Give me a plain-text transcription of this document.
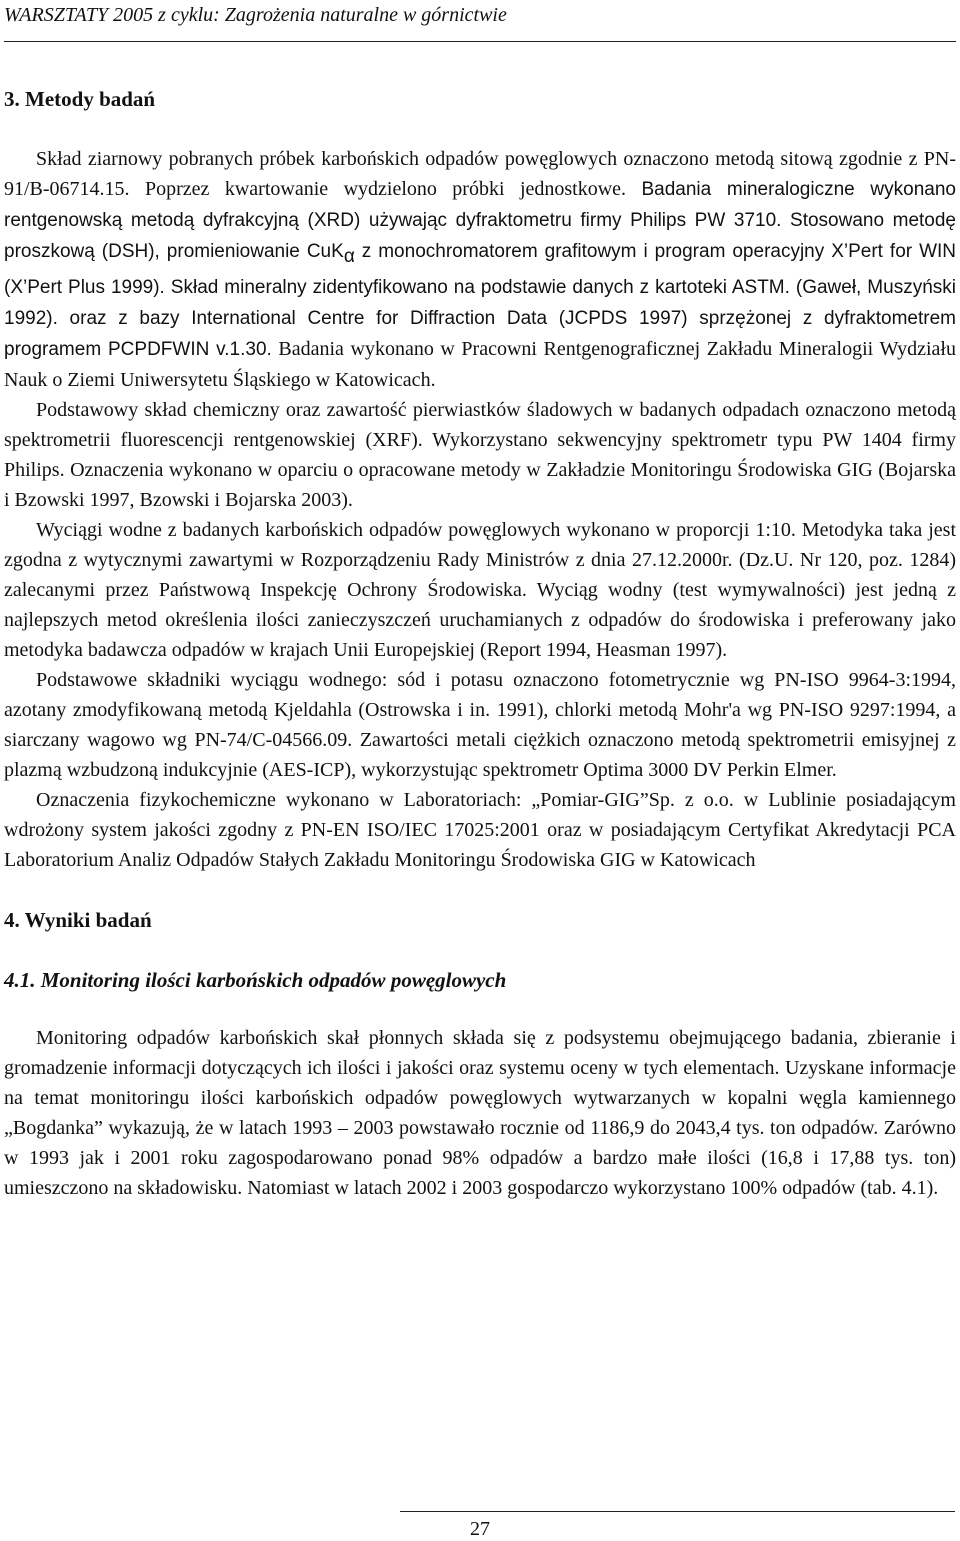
WARSZTATY 2005 z cyklu: Zagrożenia naturalne w górnictwie
3. Metody badań

Skład ziarnowy pobranych próbek karbońskich odpadów powęglowych oznaczono metodą sitową zgodnie z PN-91/B-06714.15. Poprzez kwartowanie wydzielono próbki jednostkowe. Badania mineralogiczne wykonano rentgenowską metodą dyfrakcyjną (XRD) używając dyfraktometru firmy Philips PW 3710. Stosowano metodę proszkową (DSH), promieniowanie CuK$_\alpha$ z monochromatorem grafitowym i program operacyjny X’Pert for WIN (X’Pert Plus 1999). Skład mineralny zidentyfikowano na podstawie danych z kartoteki ASTM. (Gaweł, Muszyński 1992). oraz z bazy International Centre for Diffraction Data (JCPDS 1997) sprzężonej z dyfraktometrem programem PCPDFWIN v.1.30. Badania wykonano w Pracowni Rentgenograficznej Zakładu Mineralogii Wydziału Nauk o Ziemi Uniwersytetu Śląskiego w Katowicach.

Podstawowy skład chemiczny oraz zawartość pierwiastków śladowych w badanych odpadach oznaczono metodą spektrometrii fluorescencji rentgenowskiej (XRF). Wykorzystano sekwencyjny spektrometr typu PW 1404 firmy Philips. Oznaczenia wykonano w oparciu o opracowane metody w Zakładzie Monitoringu Środowiska GIG (Bojarska i Bzowski 1997, Bzowski i Bojarska 2003).

Wyciągi wodne z badanych karbońskich odpadów powęglowych wykonano w proporcji 1:10. Metodyka taka jest zgodna z wytycznymi zawartymi w Rozporządzeniu Rady Ministrów z dnia 27.12.2000r. (Dz.U. Nr 120, poz. 1284) zalecanymi przez Państwową Inspekcję Ochrony Środowiska. Wyciąg wodny (test wymywalności) jest jedną z najlepszych metod określenia ilości zanieczyszczeń uruchamianych z odpadów do środowiska i preferowany jako metodyka badawcza odpadów w krajach Unii Europejskiej (Report 1994, Heasman 1997).

Podstawowe składniki wyciągu wodnego: sód i potasu oznaczono fotometrycznie wg PN-ISO 9964-3:1994, azotany zmodyfikowaną metodą Kjeldahla (Ostrowska i in. 1991), chlorki metodą Mohr'a wg PN-ISO 9297:1994, a siarczany wagowo wg PN-74/C-04566.09. Zawartości metali ciężkich oznaczono metodą spektrometrii emisyjnej z plazmą wzbudzoną indukcyjnie (AES-ICP), wykorzystując spektrometr Optima 3000 DV Perkin Elmer.

Oznaczenia fizykochemiczne wykonano w Laboratoriach: „Pomiar-GIG”Sp. z o.o. w Lublinie posiadającym wdrożony system jakości zgodny z PN-EN ISO/IEC 17025:2001 oraz w posiadającym Certyfikat Akredytacji PCA Laboratorium Analiz Odpadów Stałych Zakładu Monitoringu Środowiska GIG w Katowicach

4. Wyniki badań
4.1. Monitoring ilości karbońskich odpadów powęglowych

Monitoring odpadów karbońskich skał płonnych składa się z podsystemu obejmującego badania, zbieranie i gromadzenie informacji dotyczących ich ilości i jakości oraz systemu oceny w tych elementach. Uzyskane informacje na temat monitoringu ilości karbońskich odpadów powęglowych wytwarzanych w kopalni węgla kamiennego „Bogdanka” wykazują, że w latach 1993 – 2003 powstawało rocznie od 1186,9 do 2043,4 tys. ton odpadów. Zarówno w 1993 jak i 2001 roku zagospodarowano ponad 98% odpadów a bardzo małe ilości (16,8 i 17,88 tys. ton) umieszczono na składowisku. Natomiast w latach 2002 i 2003 gospodarczo wykorzystano 100% odpadów (tab. 4.1).

27
